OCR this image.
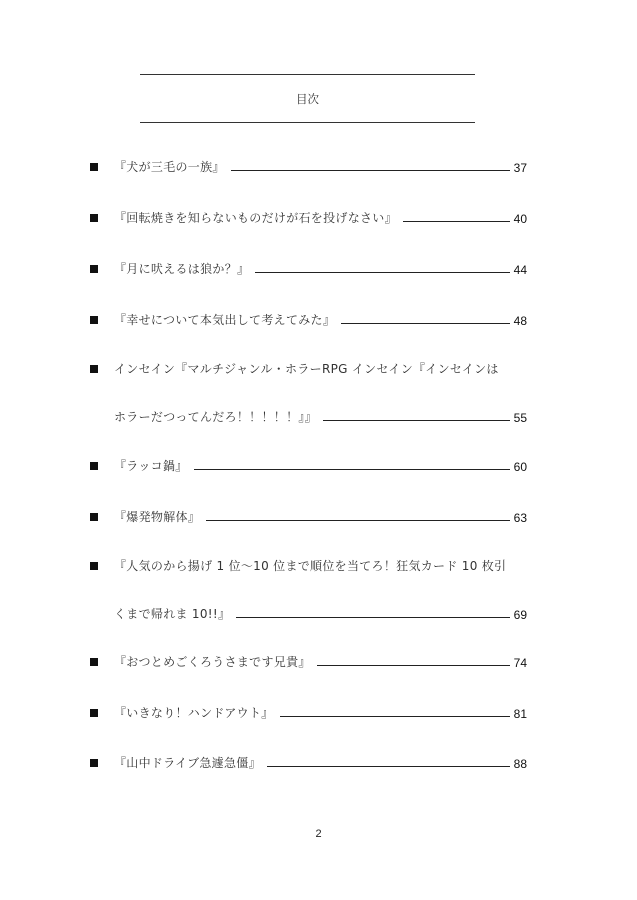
目次
『犬が三毛の一族』	37
『回転焼きを知らないものだけが石を投げなさい』	40
『月に吠えるは狼か？』	44
『幸せについて本気出して考えてみた』	48
インセイン『マルチジャンル・ホラーRPG インセイン『インセインは
ホラーだつってんだろ！！！！！』』	55
『ラッコ鍋』	60
『爆発物解体』	63
『人気のから揚げ 1 位〜10 位まで順位を当てろ！狂気カード 10 枚引
くまで帰れま 10!!』	69
『おつとめごくろうさまです兄貴』	74
『いきなり！ハンドアウト』	81
『山中ドライブ急遽急僵』	88
2
